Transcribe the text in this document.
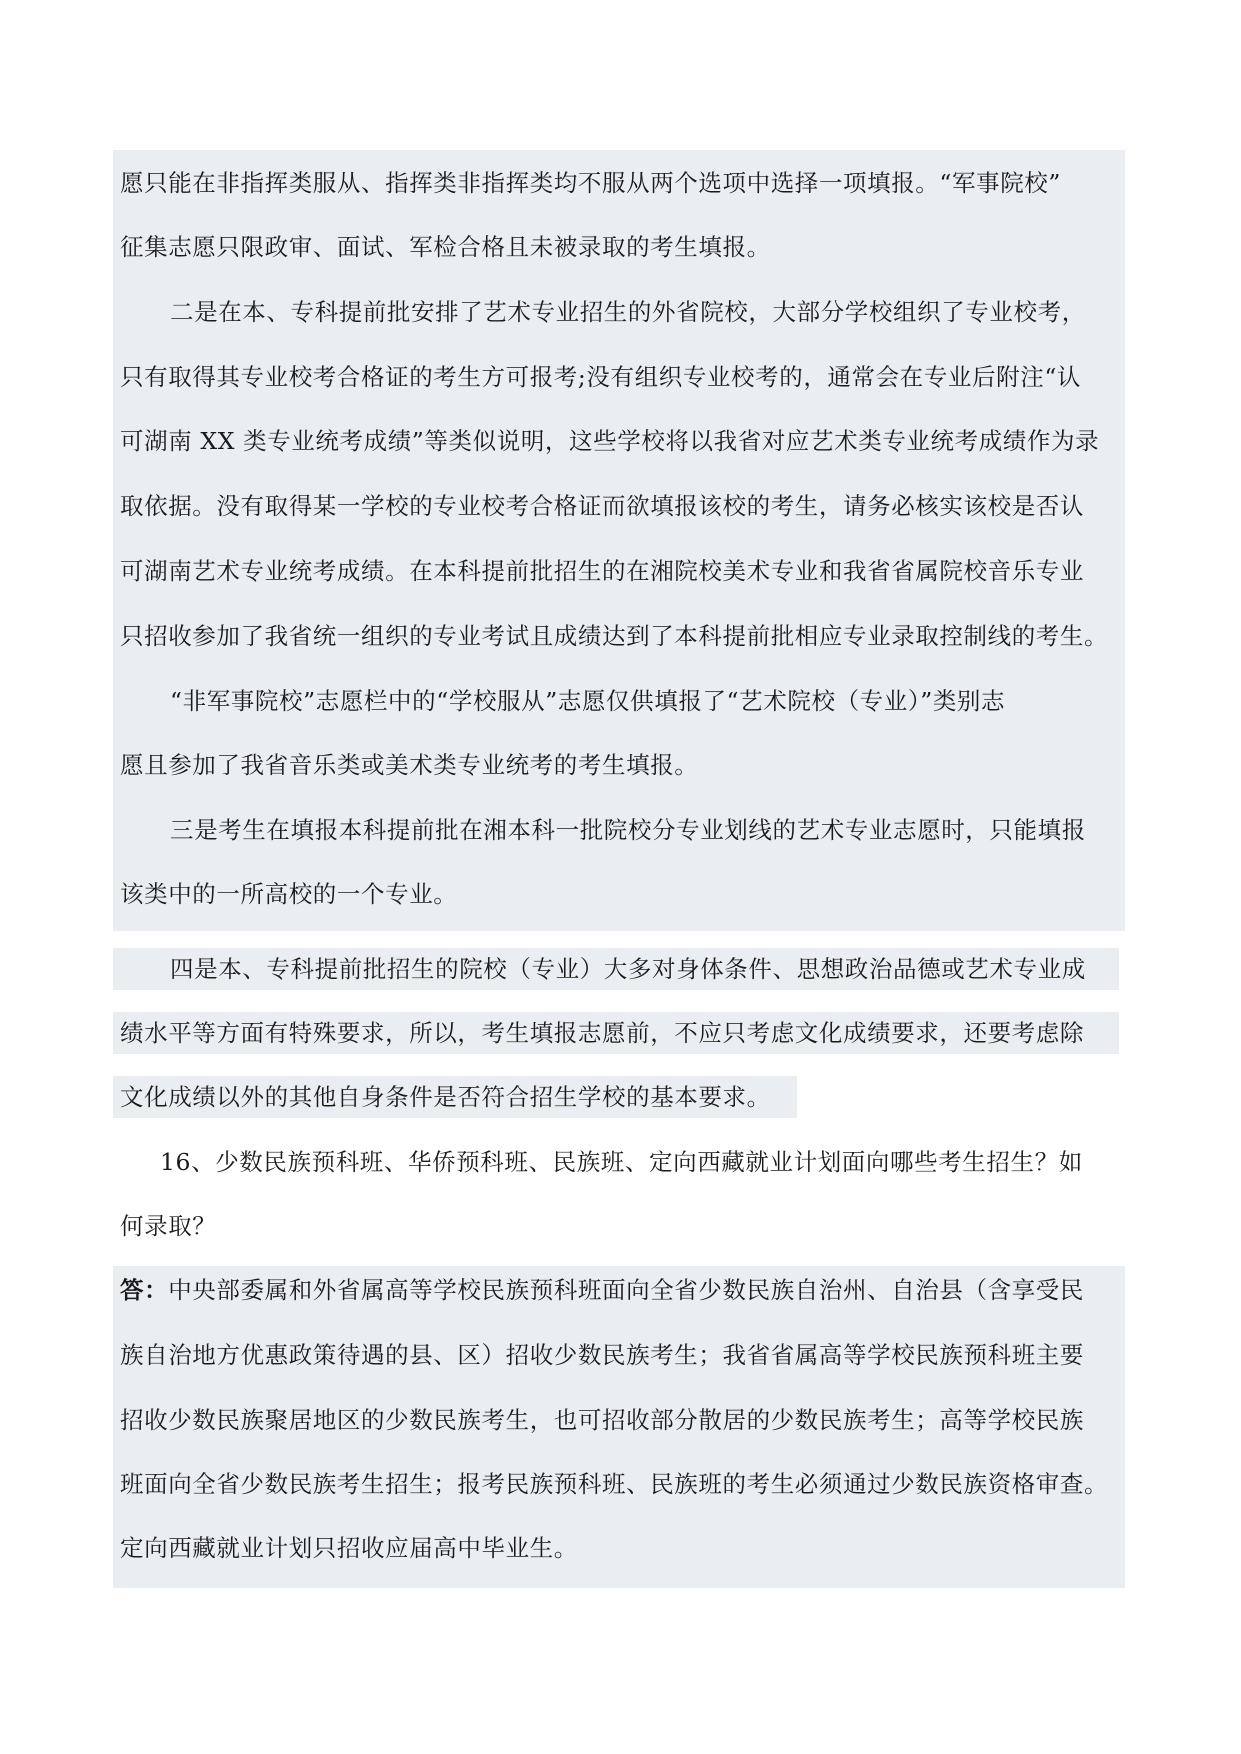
愿只能在非指挥类服从、指挥类非指挥类均不服从两个选项中选择一项填报。“军事院校”
征集志愿只限政审、面试、军检合格且未被录取的考生填报。
二是在本、专科提前批安排了艺术专业招生的外省院校，大部分学校组织了专业校考，
只有取得其专业校考合格证的考生方可报考;没有组织专业校考的，通常会在专业后附注“认
可湖南 XX 类专业统考成绩”等类似说明，这些学校将以我省对应艺术类专业统考成绩作为录
取依据。没有取得某一学校的专业校考合格证而欲填报该校的考生，请务必核实该校是否认
可湖南艺术专业统考成绩。在本科提前批招生的在湘院校美术专业和我省省属院校音乐专业
只招收参加了我省统一组织的专业考试且成绩达到了本科提前批相应专业录取控制线的考生。
“非军事院校”志愿栏中的“学校服从”志愿仅供填报了“艺术院校（专业）”类别志
愿且参加了我省音乐类或美术类专业统考的考生填报。
三是考生在填报本科提前批在湘本科一批院校分专业划线的艺术专业志愿时，只能填报
该类中的一所高校的一个专业。
四是本、专科提前批招生的院校（专业）大多对身体条件、思想政治品德或艺术专业成
绩水平等方面有特殊要求，所以，考生填报志愿前，不应只考虑文化成绩要求，还要考虑除
文化成绩以外的其他自身条件是否符合招生学校的基本要求。
16、少数民族预科班、华侨预科班、民族班、定向西藏就业计划面向哪些考生招生？如
何录取？
答：中央部委属和外省属高等学校民族预科班面向全省少数民族自治州、自治县（含享受民
族自治地方优惠政策待遇的县、区）招收少数民族考生；我省省属高等学校民族预科班主要
招收少数民族聚居地区的少数民族考生，也可招收部分散居的少数民族考生；高等学校民族
班面向全省少数民族考生招生；报考民族预科班、民族班的考生必须通过少数民族资格审查。
定向西藏就业计划只招收应届高中毕业生。
